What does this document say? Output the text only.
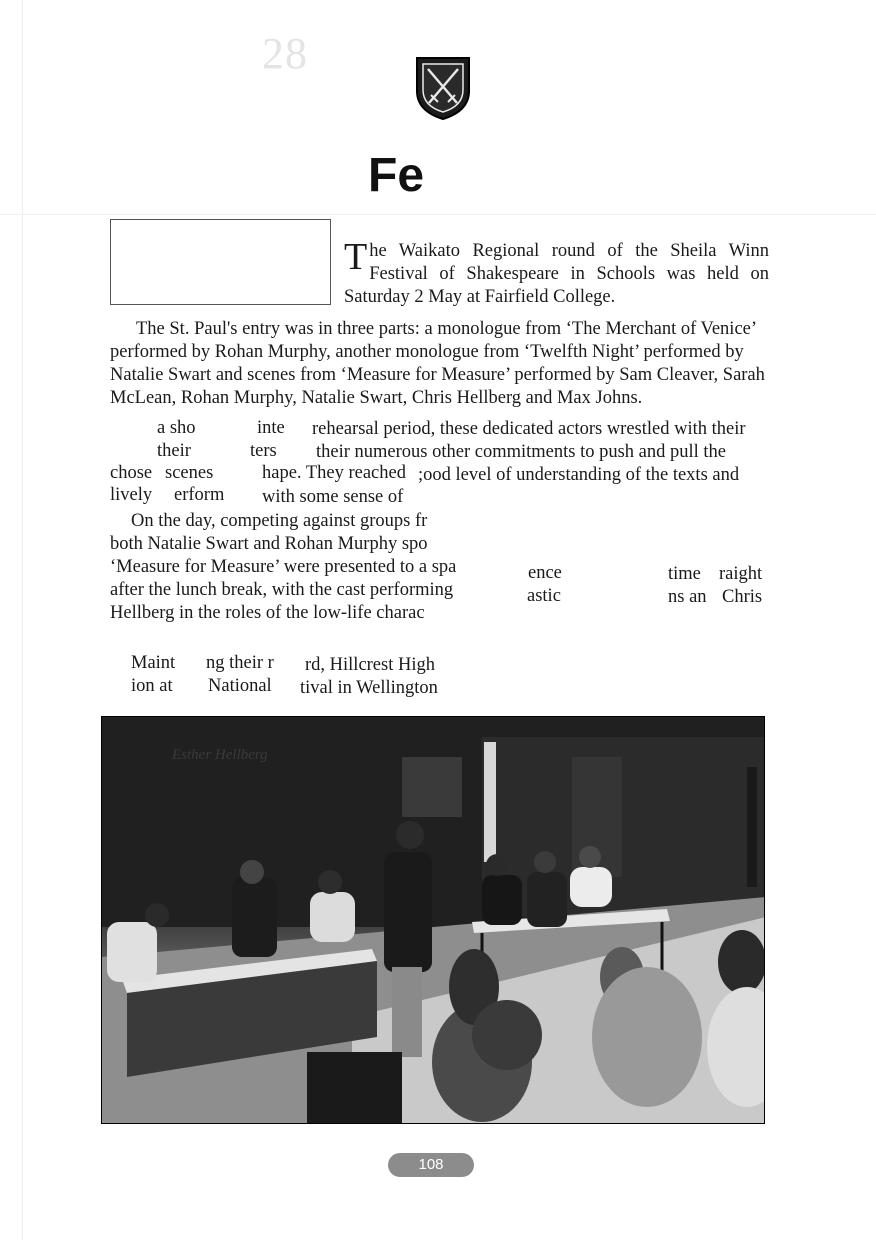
28
Fe

The Waikato Regional round of the Sheila Winn Festival of Shakespeare in Schools was held on Saturday 2 May at Fairfield College.

The St. Paul's entry was in three parts: a monologue from ‘The Merchant of Venice’ performed by Rohan Murphy, another monologue from ‘Twelfth Night’ performed by Natalie Swart and scenes from ‘Measure for Measure’ performed by Sam Cleaver, Sarah McLean, Rohan Murphy, Natalie Swart, Chris Hellberg and Max Johns.

a sho	inte rehearsal period, these dedicated actors wrestled with their
their	ters their numerous other commitments to push and pull the
chose scenes	hape. They reached ;ood level of understanding of the texts and
lively erform with some sense of
On the day, competing against groups fr
both Natalie Swart and Rohan Murphy spo
‘Measure for Measure’ were presented to a spa	ence	time raight
after the lunch break, with the cast performing	astic	ns an Chris
Hellberg in the roles of the low-life charac
Maint ng their r rd, Hillcrest High
ion at National tival in Wellington
Esther Hellberg
108
